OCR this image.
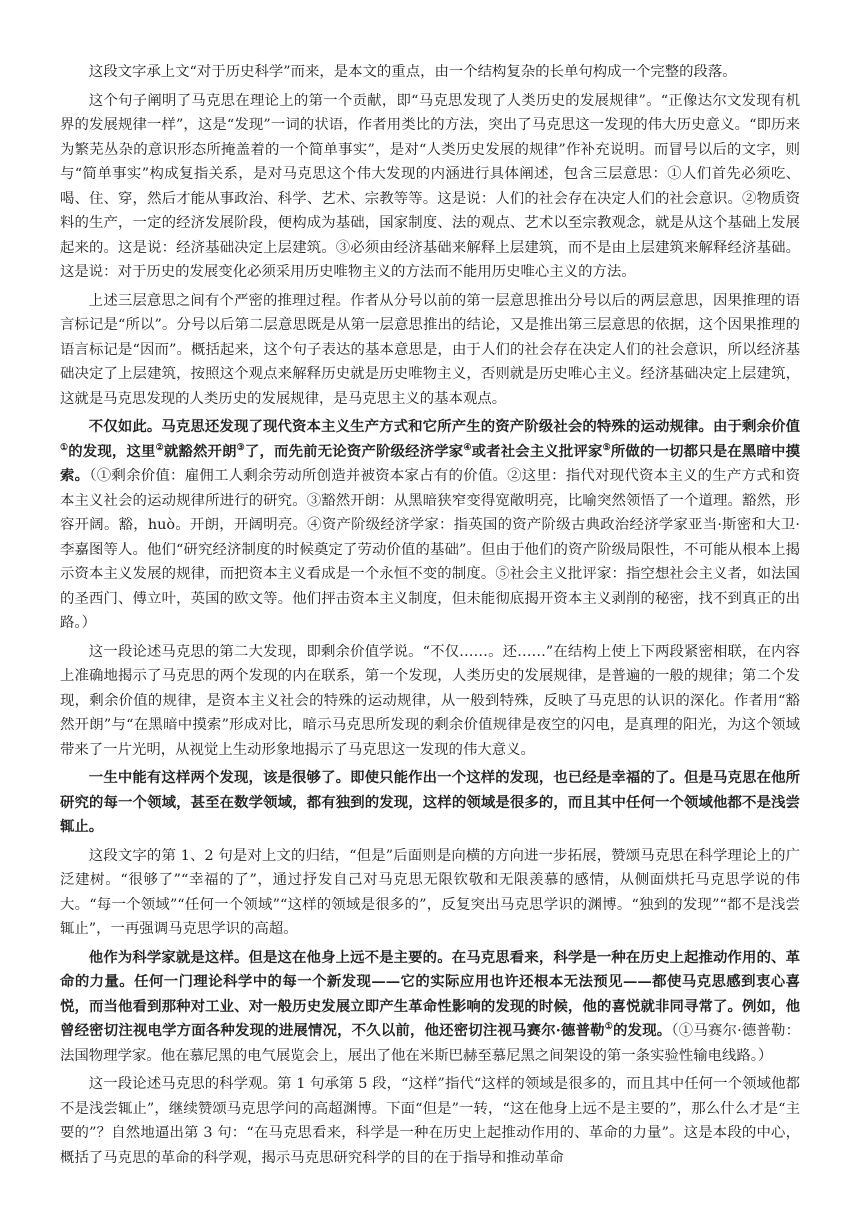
这段文字承上文“对于历史科学”而来，是本文的重点，由一个结构复杂的长单句构成一个完整的段落。

这个句子阐明了马克思在理论上的第一个贡献，即“马克思发现了人类历史的发展规律”。“正像达尔文发现有机界的发展规律一样”，这是“发现”一词的状语，作者用类比的方法，突出了马克思这一发现的伟大历史意义。“即历来为繁芜丛杂的意识形态所掩盖着的一个简单事实”，是对“人类历史发展的规律”作补充说明。而冒号以后的文字，则与“简单事实”构成复指关系，是对马克思这个伟大发现的内涵进行具体阐述，包含三层意思：①人们首先必须吃、喝、住、穿，然后才能从事政治、科学、艺术、宗教等等。这是说：人们的社会存在决定人们的社会意识。②物质资料的生产，一定的经济发展阶段，便构成为基础，国家制度、法的观点、艺术以至宗教观念，就是从这个基础上发展起来的。这是说：经济基础决定上层建筑。③必须由经济基础来解释上层建筑，而不是由上层建筑来解释经济基础。这是说：对于历史的发展变化必须采用历史唯物主义的方法而不能用历史唯心主义的方法。

上述三层意思之间有个严密的推理过程。作者从分号以前的第一层意思推出分号以后的两层意思，因果推理的语言标记是“所以”。分号以后第二层意思既是从第一层意思推出的结论，又是推出第三层意思的依据，这个因果推理的语言标记是“因而”。概括起来，这个句子表达的基本意思是，由于人们的社会存在决定人们的社会意识，所以经济基础决定了上层建筑，按照这个观点来解释历史就是历史唯物主义，否则就是历史唯心主义。经济基础决定上层建筑，这就是马克思发现的人类历史的发展规律，是马克思主义的基本观点。

不仅如此。马克思还发现了现代资本主义生产方式和它所产生的资产阶级社会的特殊的运动规律。由于剩余价值①的发现，这里②就豁然开朗③了，而先前无论资产阶级经济学家④或者社会主义批评家⑤所做的一切都只是在黑暗中摸索。（①剩余价值：雇佣工人剩余劳动所创造并被资本家占有的价值。②这里：指代对现代资本主义的生产方式和资本主义社会的运动规律所进行的研究。③豁然开朗：从黑暗狭窄变得宽敞明亮，比喻突然领悟了一个道理。豁然，形容开阔。豁，huò。开朗，开阔明亮。④资产阶级经济学家：指英国的资产阶级古典政治经济学家亚当·斯密和大卫·李嘉图等人。他们“研究经济制度的时候奠定了劳动价值的基础”。但由于他们的资产阶级局限性，不可能从根本上揭示资本主义发展的规律，而把资本主义看成是一个永恒不变的制度。⑤社会主义批评家：指空想社会主义者，如法国的圣西门、傅立叶，英国的欧文等。他们抨击资本主义制度，但未能彻底揭开资本主义剥削的秘密，找不到真正的出路。）

这一段论述马克思的第二大发现，即剩余价值学说。“不仅……。还……”在结构上使上下两段紧密相联，在内容上准确地揭示了马克思的两个发现的内在联系，第一个发现，人类历史的发展规律，是普遍的一般的规律；第二个发现，剩余价值的规律，是资本主义社会的特殊的运动规律，从一般到特殊，反映了马克思的认识的深化。作者用“豁然开朗”与“在黑暗中摸索”形成对比，暗示马克思所发现的剩余价值规律是夜空的闪电，是真理的阳光，为这个领域带来了一片光明，从视觉上生动形象地揭示了马克思这一发现的伟大意义。

一生中能有这样两个发现，该是很够了。即使只能作出一个这样的发现，也已经是幸福的了。但是马克思在他所研究的每一个领域，甚至在数学领域，都有独到的发现，这样的领域是很多的，而且其中任何一个领域他都不是浅尝辄止。

这段文字的第 1、2 句是对上文的归结，“但是”后面则是向横的方向进一步拓展，赞颂马克思在科学理论上的广泛建树。“很够了”“幸福的了”，通过抒发自己对马克思无限钦敬和无限羡慕的感情，从侧面烘托马克思学说的伟大。“每一个领域”“任何一个领域”“这样的领域是很多的”，反复突出马克思学识的渊博。“独到的发现”“都不是浅尝辄止”，一再强调马克思学识的高超。

他作为科学家就是这样。但是这在他身上远不是主要的。在马克思看来，科学是一种在历史上起推动作用的、革命的力量。任何一门理论科学中的每一个新发现——它的实际应用也许还根本无法预见——都使马克思感到衷心喜悦，而当他看到那种对工业、对一般历史发展立即产生革命性影响的发现的时候，他的喜悦就非同寻常了。例如，他曾经密切注视电学方面各种发现的进展情况，不久以前，他还密切注视马赛尔·德普勒①的发现。（①马赛尔·德普勒：法国物理学家。他在慕尼黑的电气展览会上，展出了他在米斯巴赫至慕尼黑之间架设的第一条实验性输电线路。）

这一段论述马克思的科学观。第 1 句承第 5 段，“这样”指代“这样的领域是很多的，而且其中任何一个领域他都不是浅尝辄止”，继续赞颂马克思学问的高超渊博。下面“但是”一转，“这在他身上远不是主要的”，那么什么才是“主要的”？自然地逼出第 3 句：“在马克思看来，科学是一种在历史上起推动作用的、革命的力量”。这是本段的中心，概括了马克思的革命的科学观，揭示马克思研究科学的目的在于指导和推动革命
